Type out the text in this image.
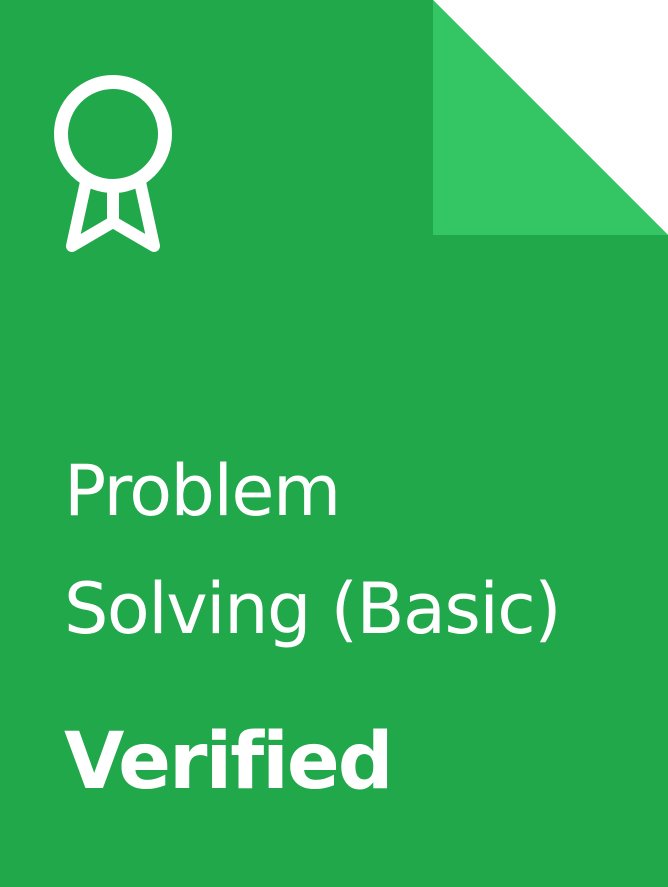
Problem
Solving (Basic)
Verified
